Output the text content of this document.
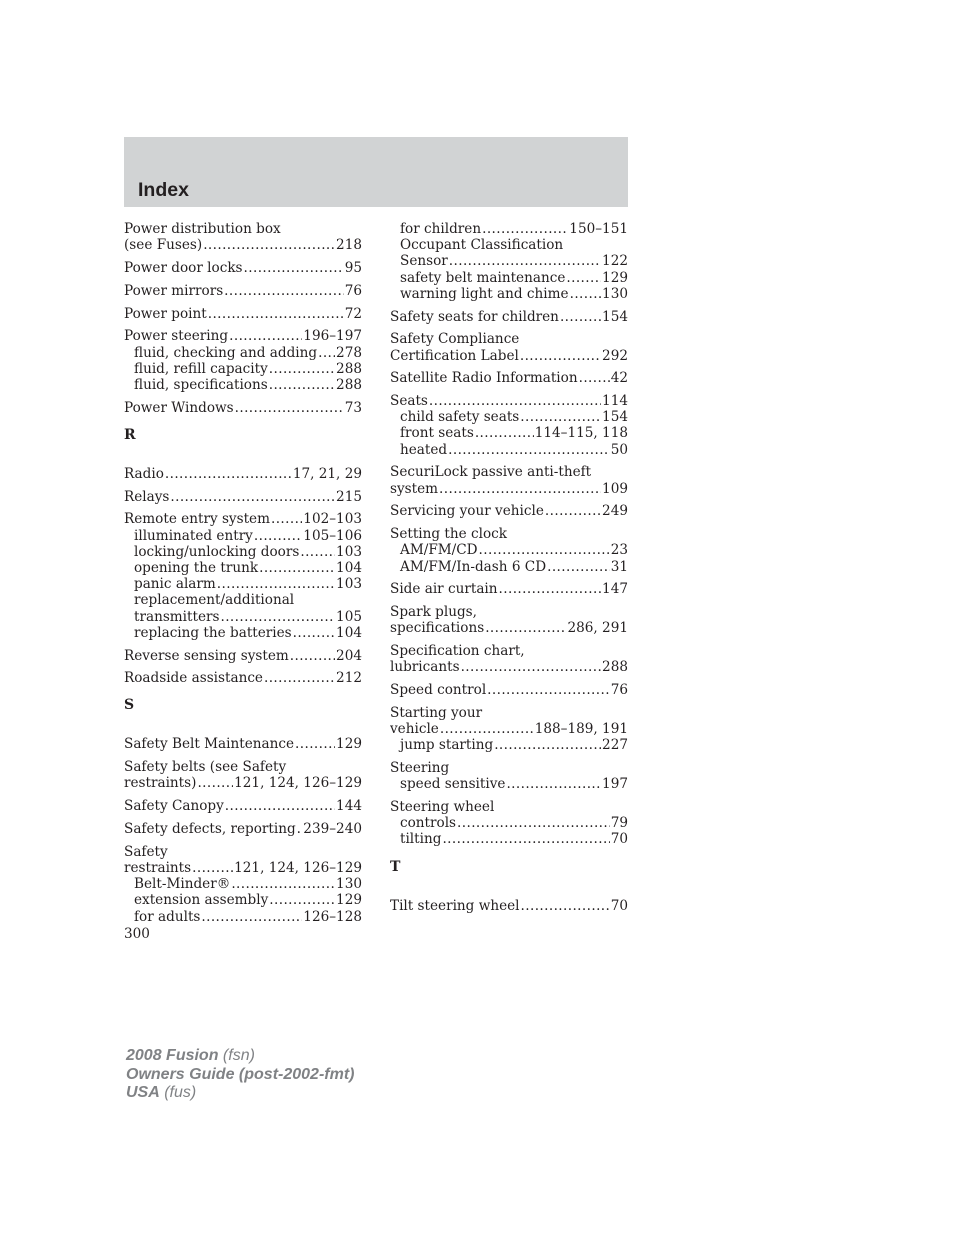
Index
Power distribution box
(see Fuses) .....	218
Power door locks .....	95
Power mirrors .....	76
Power point .....	72
Power steering .....	196–197
fluid, checking and adding ..... 278
fluid, refill capacity .....	288
fluid, specifications .....	288
Power Windows .....	73
R
Radio .....	17, 21, 29
Relays .....	215
Remote entry system ..... 102–103
illuminated entry .....	105–106
locking/unlocking doors .....	103
opening the trunk .....	104
panic alarm .....	103
replacement/additional
transmitters .....	105
replacing the batteries .....	104
Reverse sensing system .....	204
Roadside assistance .....	212
S
Safety Belt Maintenance .....	129
Safety belts (see Safety
restraints) .....	121, 124, 126–129
Safety Canopy .....	144
Safety defects, reporting ..... 239–240
Safety
restraints .....	121, 124, 126–129
Belt-Minder® .....	130
extension assembly .....	129
for adults .....	126–128
for children .....	150–151
Occupant Classification
Sensor .....	122
safety belt maintenance .....	129
warning light and chime ..... 130
Safety seats for children .....	154
Safety Compliance
Certification Label .....	292
Satellite Radio Information ..... 42
Seats .....	114
child safety seats .....	154
front seats .....	114–115, 118
heated .....	50
SecuriLock passive anti-theft
system .....	109
Servicing your vehicle .....	249
Setting the clock
AM/FM/CD .....	23
AM/FM/In-dash 6 CD .....	31
Side air curtain .....	147
Spark plugs,
specifications .....	286, 291
Specification chart,
lubricants .....	288
Speed control .....	76
Starting your
vehicle .....	188–189, 191
jump starting .....	227
Steering
speed sensitive .....	197
Steering wheel
controls .....	79
tilting .....	70
T
Tilt steering wheel .....	70
300
2008 Fusion (fsn)
Owners Guide (post-2002-fmt)
USA (fus)
